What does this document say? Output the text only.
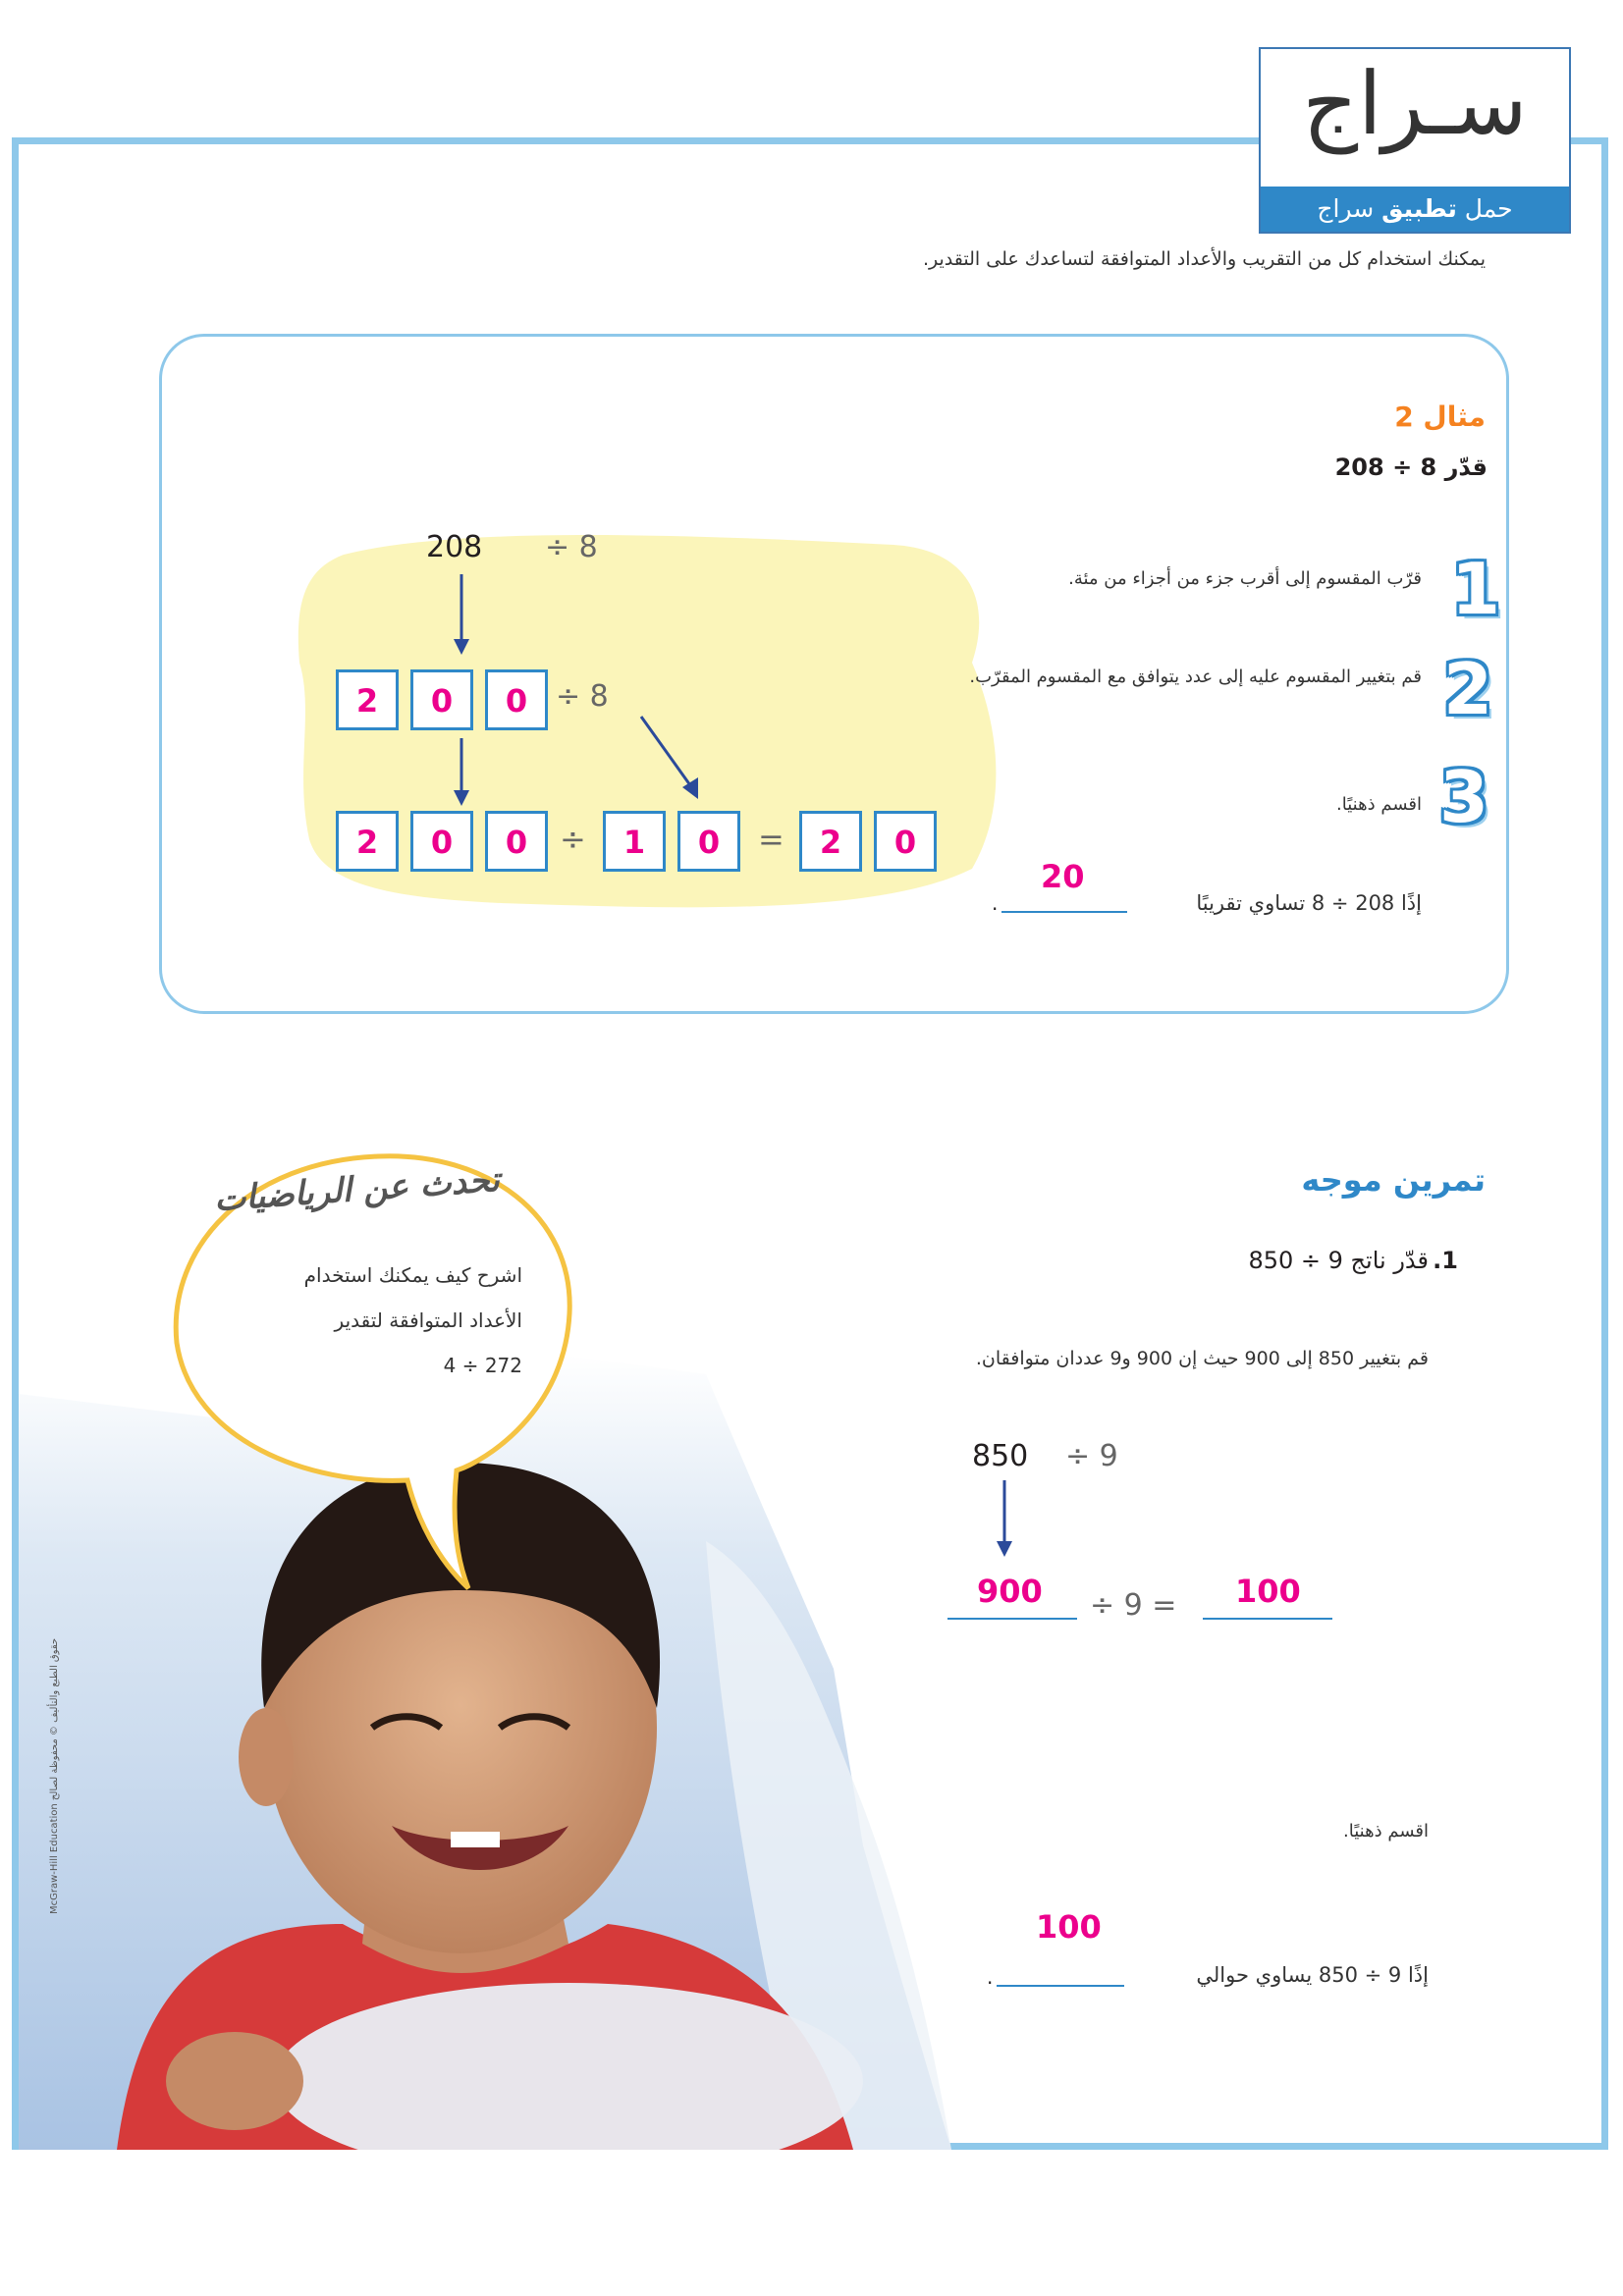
سـراج
حمل تطبيق سراج
يمكنك استخدام كل من التقريب والأعداد المتوافقة لتساعدك على التقدير.
مثال 2
قدّر 8 ÷ 208
208 ÷ 8
2	0	0 ÷ 8
2	0	0	÷	1	0	=	2	0
1
قرّب المقسوم إلى أقرب جزء من أجزاء من مئة.
2
قم بتغيير المقسوم عليه إلى عدد يتوافق مع المقسوم المقرّب.
3
اقسم ذهنيًا.
20
.	إذًا 208 ÷ 8 تساوي تقريبًا
تحدث عن الرياضيات
اشرح كيف يمكنك استخدام
الأعداد المتوافقة لتقدير
272 ÷ 4
تمرين موجه
1.
قدّر ناتج 9 ÷ 850
قم بتغيير 850 إلى 900 حيث إن 900 و9 عددان متوافقان.
850 ÷ 9
900 ÷ 9 = 100
اقسم ذهنيًا.
100
.	إذًا 9 ÷ 850 يساوي حوالي
McGraw-Hill Education حقوق الطبع والتأليف © محفوظة لصالح
